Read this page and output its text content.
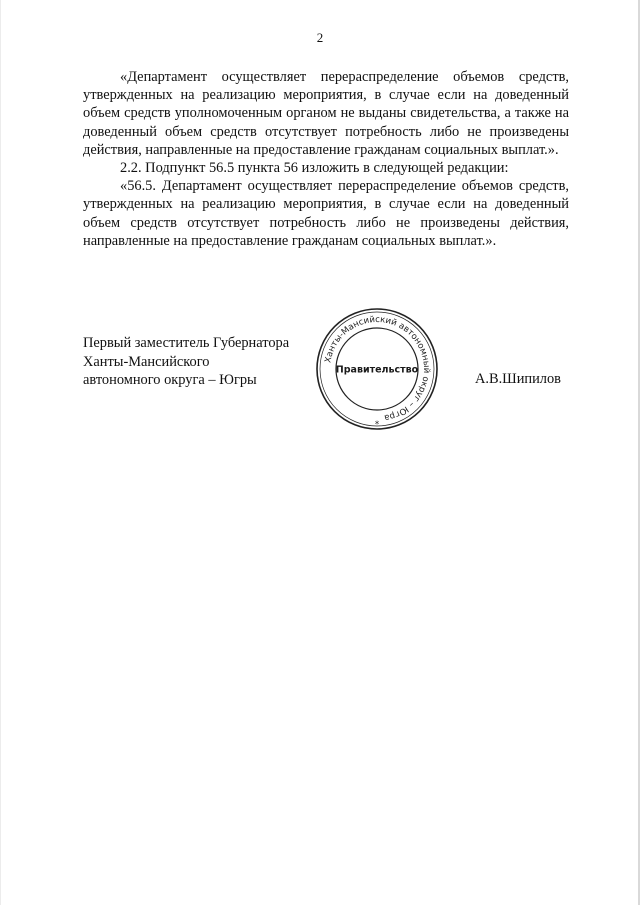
2

«Департамент осуществляет перераспределение объемов средств, утвержденных на реализацию мероприятия, в случае если на доведенный объем средств уполномоченным органом не выданы свидетельства, а также на доведенный объем средств отсутствует потребность либо не произведены действия, направленные на предоставление гражданам социальных выплат.».

2.2. Подпункт 56.5 пункта 56 изложить в следующей редакции:

«56.5. Департамент осуществляет перераспределение объемов средств, утвержденных на реализацию мероприятия, в случае если на доведенный объем средств отсутствует потребность либо не произведены действия, направленные на предоставление гражданам социальных выплат.».

Первый заместитель Губернатора
Ханты-Мансийского
автономного округа – Югры
Ханты-Мансийский автономный округ – Югра
Правительство
*
А.В.Шипилов
